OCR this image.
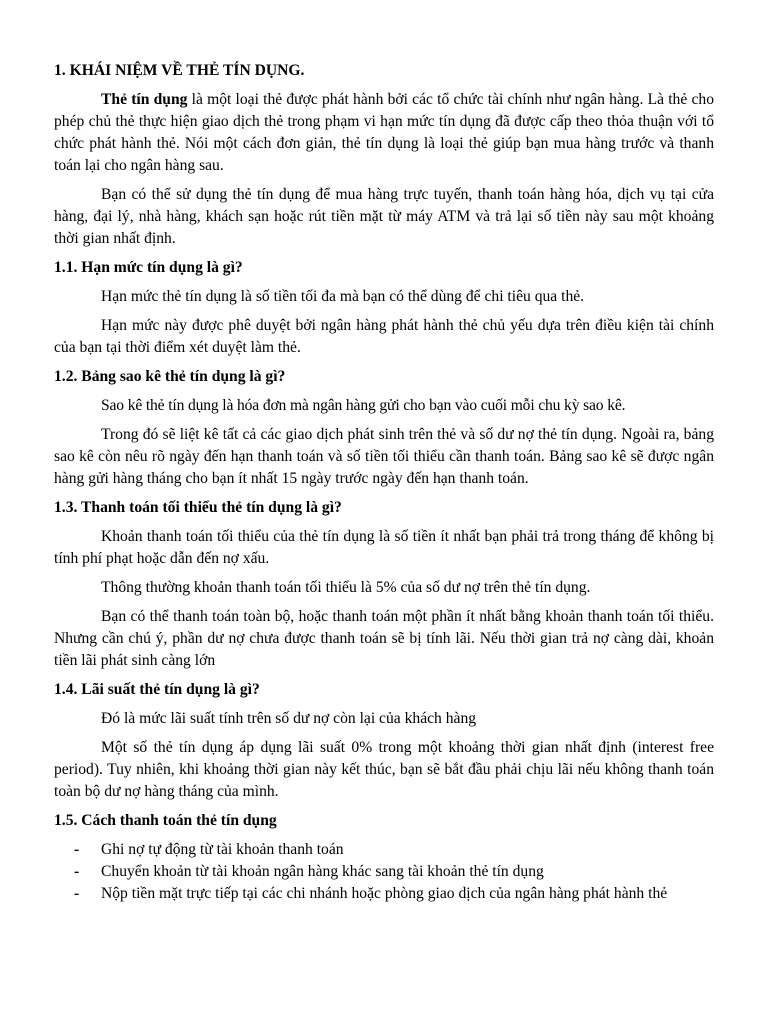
1. KHÁI NIỆM VỀ THẺ TÍN DỤNG.

Thẻ tín dụng là một loại thẻ được phát hành bởi các tổ chức tài chính như ngân hàng. Là thẻ cho phép chủ thẻ thực hiện giao dịch thẻ trong phạm vi hạn mức tín dụng đã được cấp theo thỏa thuận với tổ chức phát hành thẻ. Nói một cách đơn giản, thẻ tín dụng là loại thẻ giúp bạn mua hàng trước và thanh toán lại cho ngân hàng sau.

Bạn có thể sử dụng thẻ tín dụng để mua hàng trực tuyến, thanh toán hàng hóa, dịch vụ tại cửa hàng, đại lý, nhà hàng, khách sạn hoặc rút tiền mặt từ máy ATM và trả lại số tiền này sau một khoảng thời gian nhất định.

1.1. Hạn mức tín dụng là gì?

Hạn mức thẻ tín dụng là số tiền tối đa mà bạn có thể dùng để chi tiêu qua thẻ.

Hạn mức này được phê duyệt bởi ngân hàng phát hành thẻ chủ yếu dựa trên điều kiện tài chính của bạn tại thời điểm xét duyệt làm thẻ.

1.2. Bảng sao kê thẻ tín dụng là gì?

Sao kê thẻ tín dụng là hóa đơn mà ngân hàng gửi cho bạn vào cuối mỗi chu kỳ sao kê.

Trong đó sẽ liệt kê tất cả các giao dịch phát sinh trên thẻ và số dư nợ thẻ tín dụng. Ngoài ra, bảng sao kê còn nêu rõ ngày đến hạn thanh toán và số tiền tối thiểu cần thanh toán. Bảng sao kê sẽ được ngân hàng gửi hàng tháng cho bạn ít nhất 15 ngày trước ngày đến hạn thanh toán.

1.3. Thanh toán tối thiểu thẻ tín dụng là gì?

Khoản thanh toán tối thiểu của thẻ tín dụng là số tiền ít nhất bạn phải trả trong tháng để không bị tính phí phạt hoặc dẫn đến nợ xấu.

Thông thường khoản thanh toán tối thiểu là 5% của số dư nợ trên thẻ tín dụng.

Bạn có thể thanh toán toàn bộ, hoặc thanh toán một phần ít nhất bằng khoản thanh toán tối thiểu. Nhưng cần chú ý, phần dư nợ chưa được thanh toán sẽ bị tính lãi. Nếu thời gian trả nợ càng dài, khoản tiền lãi phát sinh càng lớn

1.4. Lãi suất thẻ tín dụng là gì?

Đó là mức lãi suất tính trên số dư nợ còn lại của khách hàng

Một số thẻ tín dụng áp dụng lãi suất 0% trong một khoảng thời gian nhất định (interest free period). Tuy nhiên, khi khoảng thời gian này kết thúc, bạn sẽ bắt đầu phải chịu lãi nếu không thanh toán toàn bộ dư nợ hàng tháng của mình.

1.5. Cách thanh toán thẻ tín dụng
- Ghi nợ tự động từ tài khoản thanh toán
- Chuyển khoản từ tài khoản ngân hàng khác sang tài khoản thẻ tín dụng
- Nộp tiền mặt trực tiếp tại các chi nhánh hoặc phòng giao dịch của ngân hàng phát hành thẻ
